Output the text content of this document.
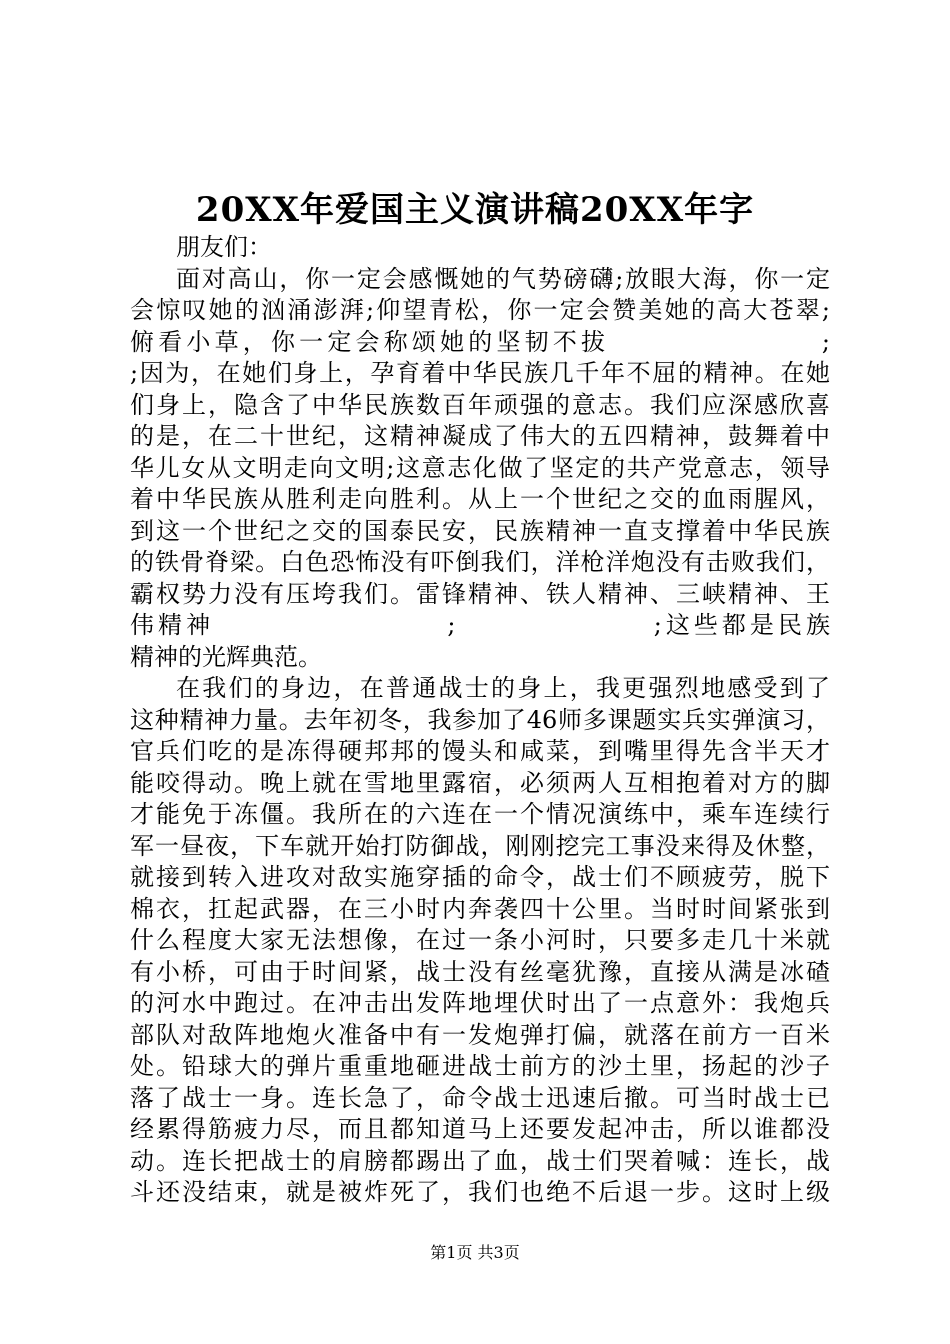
20XX年爱国主义演讲稿20XX年字
朋友们：
面对高山，你一定会感慨她的气势磅礴;放眼大海，你一定
会惊叹她的汹涌澎湃;仰望青松，你一定会赞美她的高大苍翠;
俯看小草，你一定会称颂她的坚韧不拔                  ;
;因为，在她们身上，孕育着中华民族几千年不屈的精神。在她
们身上，隐含了中华民族数百年顽强的意志。我们应深感欣喜
的是，在二十世纪，这精神凝成了伟大的五四精神，鼓舞着中
华儿女从文明走向文明;这意志化做了坚定的共产党意志，领导
着中华民族从胜利走向胜利。从上一个世纪之交的血雨腥风，
到这一个世纪之交的国泰民安，民族精神一直支撑着中华民族
的铁骨脊梁。白色恐怖没有吓倒我们，洋枪洋炮没有击败我们，
霸权势力没有压垮我们。雷锋精神、铁人精神、三峡精神、王
伟精神                    ;                 ;这些都是民族
精神的光辉典范。
在我们的身边，在普通战士的身上，我更强烈地感受到了
这种精神力量。去年初冬，我参加了46师多课题实兵实弹演习，
官兵们吃的是冻得硬邦邦的馒头和咸菜，到嘴里得先含半天才
能咬得动。晚上就在雪地里露宿，必须两人互相抱着对方的脚
才能免于冻僵。我所在的六连在一个情况演练中，乘车连续行
军一昼夜，下车就开始打防御战，刚刚挖完工事没来得及休整，
就接到转入进攻对敌实施穿插的命令，战士们不顾疲劳，脱下
棉衣，扛起武器，在三小时内奔袭四十公里。当时时间紧张到
什么程度大家无法想像，在过一条小河时，只要多走几十米就
有小桥，可由于时间紧，战士没有丝毫犹豫，直接从满是冰碴
的河水中跑过。在冲击出发阵地埋伏时出了一点意外：我炮兵
部队对敌阵地炮火准备中有一发炮弹打偏，就落在前方一百米
处。铅球大的弹片重重地砸进战士前方的沙土里，扬起的沙子
落了战士一身。连长急了，命令战士迅速后撤。可当时战士已
经累得筋疲力尽，而且都知道马上还要发起冲击，所以谁都没
动。连长把战士的肩膀都踢出了血，战士们哭着喊：连长，战
斗还没结束，就是被炸死了，我们也绝不后退一步。这时上级
第1页 共3页
